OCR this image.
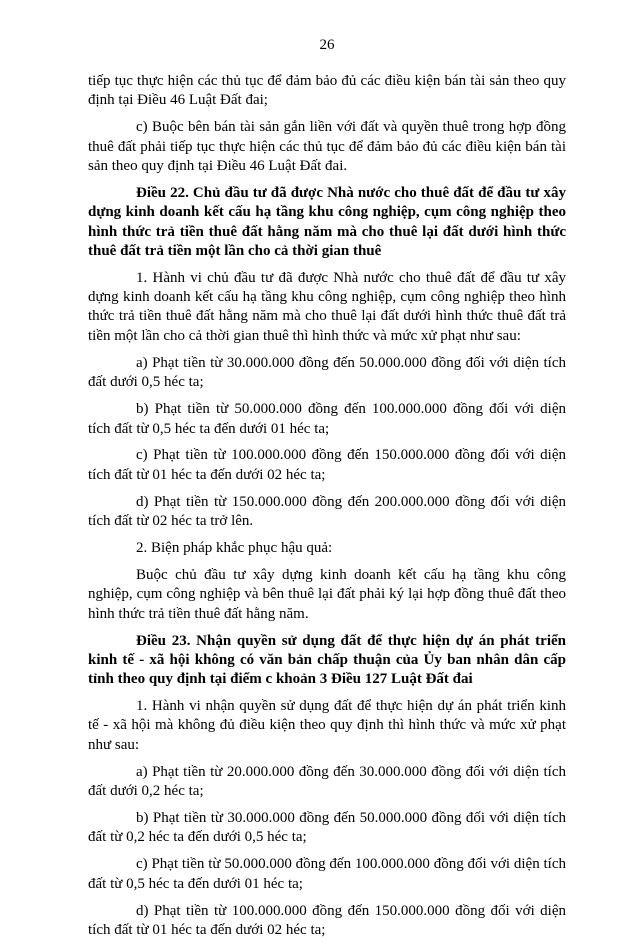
26

tiếp tục thực hiện các thủ tục để đảm bảo đủ các điều kiện bán tài sản theo quy định tại Điều 46 Luật Đất đai;

c) Buộc bên bán tài sản gắn liền với đất và quyền thuê trong hợp đồng thuê đất phải tiếp tục thực hiện các thủ tục để đảm bảo đủ các điều kiện bán tài sản theo quy định tại Điều 46 Luật Đất đai.

Điều 22. Chủ đầu tư đã được Nhà nước cho thuê đất để đầu tư xây dựng kinh doanh kết cấu hạ tầng khu công nghiệp, cụm công nghiệp theo hình thức trả tiền thuê đất hằng năm mà cho thuê lại đất dưới hình thức thuê đất trả tiền một lần cho cả thời gian thuê

1. Hành vi chủ đầu tư đã được Nhà nước cho thuê đất để đầu tư xây dựng kinh doanh kết cấu hạ tầng khu công nghiệp, cụm công nghiệp theo hình thức trả tiền thuê đất hằng năm mà cho thuê lại đất dưới hình thức thuê đất trả tiền một lần cho cả thời gian thuê thì hình thức và mức xử phạt như sau:

a) Phạt tiền từ 30.000.000 đồng đến 50.000.000 đồng đối với diện tích đất dưới 0,5 héc ta;

b) Phạt tiền từ 50.000.000 đồng đến 100.000.000 đồng đối với diện tích đất từ 0,5 héc ta đến dưới 01 héc ta;

c) Phạt tiền từ 100.000.000 đồng đến 150.000.000 đồng đối với diện tích đất từ 01 héc ta đến dưới 02 héc ta;

d) Phạt tiền từ 150.000.000 đồng đến 200.000.000 đồng đối với diện tích đất từ 02 héc ta trở lên.

2. Biện pháp khắc phục hậu quả:

Buộc chủ đầu tư xây dựng kinh doanh kết cấu hạ tầng khu công nghiệp, cụm công nghiệp và bên thuê lại đất phải ký lại hợp đồng thuê đất theo hình thức trả tiền thuê đất hằng năm.

Điều 23. Nhận quyền sử dụng đất để thực hiện dự án phát triển kinh tế - xã hội không có văn bản chấp thuận của Ủy ban nhân dân cấp tỉnh theo quy định tại điểm c khoản 3 Điều 127 Luật Đất đai

1. Hành vi nhận quyền sử dụng đất để thực hiện dự án phát triển kinh tế - xã hội mà không đủ điều kiện theo quy định thì hình thức và mức xử phạt như sau:

a) Phạt tiền từ 20.000.000 đồng đến 30.000.000 đồng đối với diện tích đất dưới 0,2 héc ta;

b) Phạt tiền từ 30.000.000 đồng đến 50.000.000 đồng đối với diện tích đất từ 0,2 héc ta đến dưới 0,5 héc ta;

c) Phạt tiền từ 50.000.000 đồng đến 100.000.000 đồng đối với diện tích đất từ 0,5 héc ta đến dưới 01 héc ta;

d) Phạt tiền từ 100.000.000 đồng đến 150.000.000 đồng đối với diện tích đất từ 01 héc ta đến dưới 02 héc ta;
